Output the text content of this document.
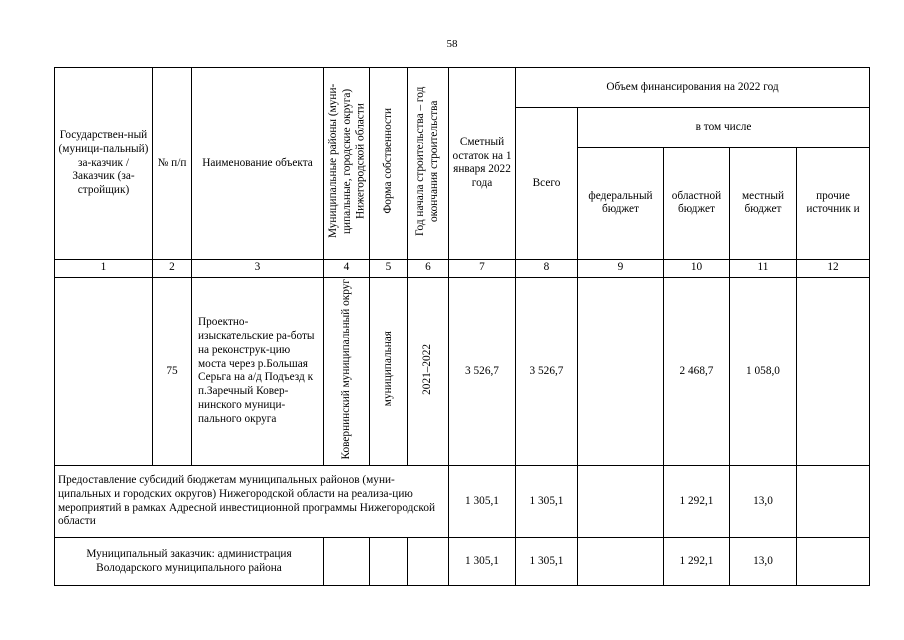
58
Государствен-ный (муници-пальный) за-казчик / Заказчик (за-стройщик)	№ п/п	Наименование объекта	Муниципальные районы (муни-ципальные, городские округа) Нижегородской области	Форма собственности	Год начала строительства – год окончания строительства	Сметный остаток на 1 января 2022 года	Объем финансирования на 2022 год				
							Всего	в том числе			
								федеральный бюджет	областной бюджет	местный бюджет	прочие источник и
1	2	3	4	5	6	7	8	9	10	11	12
	75	Проектно-изыскательские ра-боты на реконструк-цию моста через р.Большая Серьга на а/д Подъезд к п.Заречный Ковер-нинского муници-пального округа	Ковернинский муниципальный округ	муниципальная	2021–2022	3 526,7	3 526,7		2 468,7	1 058,0	
Предоставление субсидий бюджетам муниципальных районов (муни-ципальных и городских округов) Нижегородской области на реализа-цию мероприятий в рамках Адресной инвестиционной программы Нижегородской области						1 305,1	1 305,1		1 292,1	13,0	
Муниципальный заказчик: администрация Володарского муниципального района						1 305,1	1 305,1		1 292,1	13,0	
